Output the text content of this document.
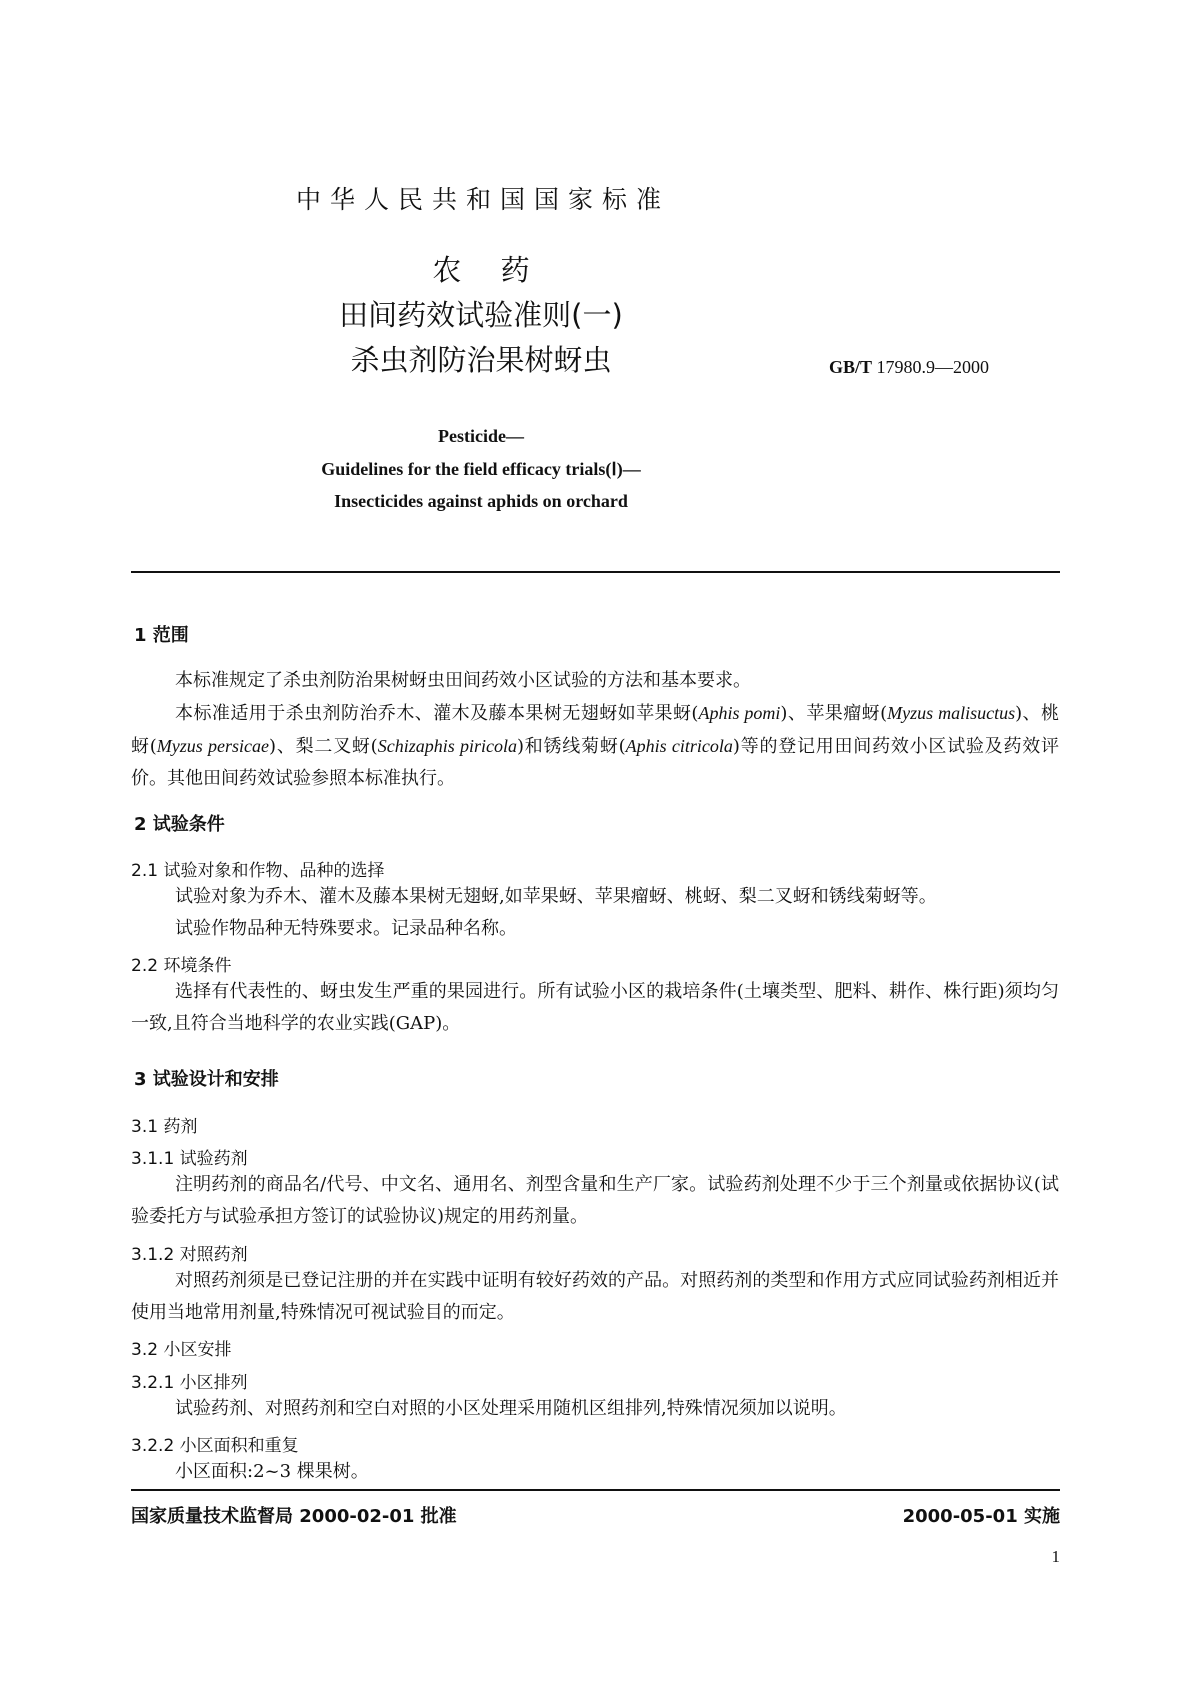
中华人民共和国国家标准
农 药
田间药效试验准则(一)
杀虫剂防治果树蚜虫	GB/T 17980.9—2000
Pesticide—
Guidelines for the field efficacy trials(Ⅰ)—
Insecticides against aphids on orchard
1 范围

本标准规定了杀虫剂防治果树蚜虫田间药效小区试验的方法和基本要求。

本标准适用于杀虫剂防治乔木、灌木及藤本果树无翅蚜如苹果蚜(Aphis pomi)、苹果瘤蚜(Myzus malisuctus)、桃蚜(Myzus persicae)、梨二叉蚜(Schizaphis piricola)和锈线菊蚜(Aphis citricola)等的登记用田间药效小区试验及药效评价。其他田间药效试验参照本标准执行。

2 试验条件
2.1 试验对象和作物、品种的选择

试验对象为乔木、灌木及藤本果树无翅蚜,如苹果蚜、苹果瘤蚜、桃蚜、梨二叉蚜和锈线菊蚜等。

试验作物品种无特殊要求。记录品种名称。

2.2 环境条件

选择有代表性的、蚜虫发生严重的果园进行。所有试验小区的栽培条件(土壤类型、肥料、耕作、株行距)须均匀一致,且符合当地科学的农业实践(GAP)。

3 试验设计和安排
3.1 药剂
3.1.1 试验药剂

注明药剂的商品名/代号、中文名、通用名、剂型含量和生产厂家。试验药剂处理不少于三个剂量或依据协议(试验委托方与试验承担方签订的试验协议)规定的用药剂量。

3.1.2 对照药剂

对照药剂须是已登记注册的并在实践中证明有较好药效的产品。对照药剂的类型和作用方式应同试验药剂相近并使用当地常用剂量,特殊情况可视试验目的而定。

3.2 小区安排
3.2.1 小区排列

试验药剂、对照药剂和空白对照的小区处理采用随机区组排列,特殊情况须加以说明。

3.2.2 小区面积和重复

小区面积:2~3 棵果树。

国家质量技术监督局 2000-02-01 批准	2000-05-01 实施
1
